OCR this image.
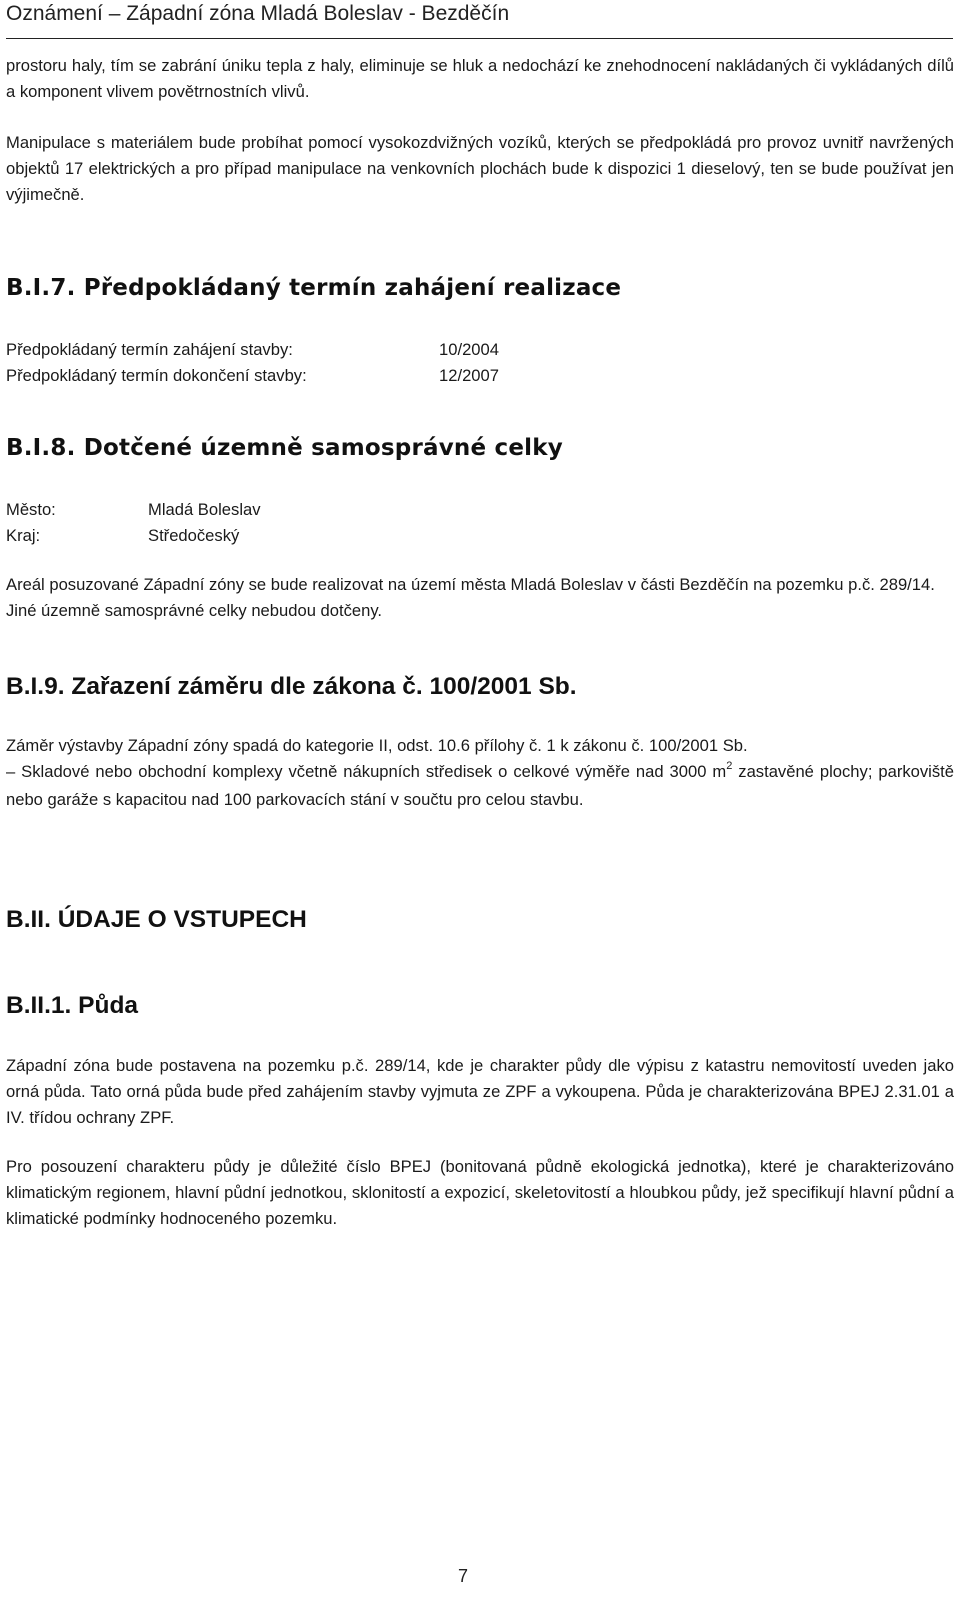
Oznámení – Západní zóna Mladá Boleslav - Bezděčín

prostoru haly, tím se zabrání úniku tepla z haly, eliminuje se hluk a nedochází ke znehodnocení nakládaných či vykládaných dílů a komponent vlivem povětrnostních vlivů.

Manipulace s materiálem bude probíhat pomocí vysokozdvižných vozíků, kterých se předpokládá pro provoz uvnitř navržených objektů 17 elektrických a pro případ manipulace na venkovních plochách bude k dispozici 1 dieselový, ten se bude používat jen výjimečně.

B.I.7. Předpokládaný termín zahájení realizace
Předpokládaný termín zahájení stavby:	10/2004
Předpokládaný termín dokončení stavby:	12/2007
B.I.8. Dotčené územně samosprávné celky
Město:	Mladá Boleslav
Kraj:	Středočeský

Areál posuzované Západní zóny se bude realizovat na území města Mladá Boleslav v části Bezděčín na pozemku p.č. 289/14. Jiné územně samosprávné celky nebudou dotčeny.

B.I.9. Zařazení záměru dle zákona č. 100/2001 Sb.

Záměr výstavby Západní zóny spadá do kategorie II, odst. 10.6 přílohy č. 1 k zákonu č. 100/2001 Sb.

– Skladové nebo obchodní komplexy včetně nákupních středisek o celkové výměře nad 3000 $m^2$ zastavěné plochy; parkoviště nebo garáže s kapacitou nad 100 parkovacích stání v součtu pro celou stavbu.

B.II. ÚDAJE O VSTUPECH
B.II.1. Půda

Západní zóna bude postavena na pozemku p.č. 289/14, kde je charakter půdy dle výpisu z katastru nemovitostí uveden jako orná půda. Tato orná půda bude před zahájením stavby vyjmuta ze ZPF a vykoupena. Půda je charakterizována BPEJ 2.31.01 a IV. třídou ochrany ZPF.

Pro posouzení charakteru půdy je důležité číslo BPEJ (bonitovaná půdně ekologická jednotka), které je charakterizováno klimatickým regionem, hlavní půdní jednotkou, sklonitostí a expozicí, skeletovitostí a hloubkou půdy, jež specifikují hlavní půdní a klimatické podmínky hodnoceného pozemku.

7
